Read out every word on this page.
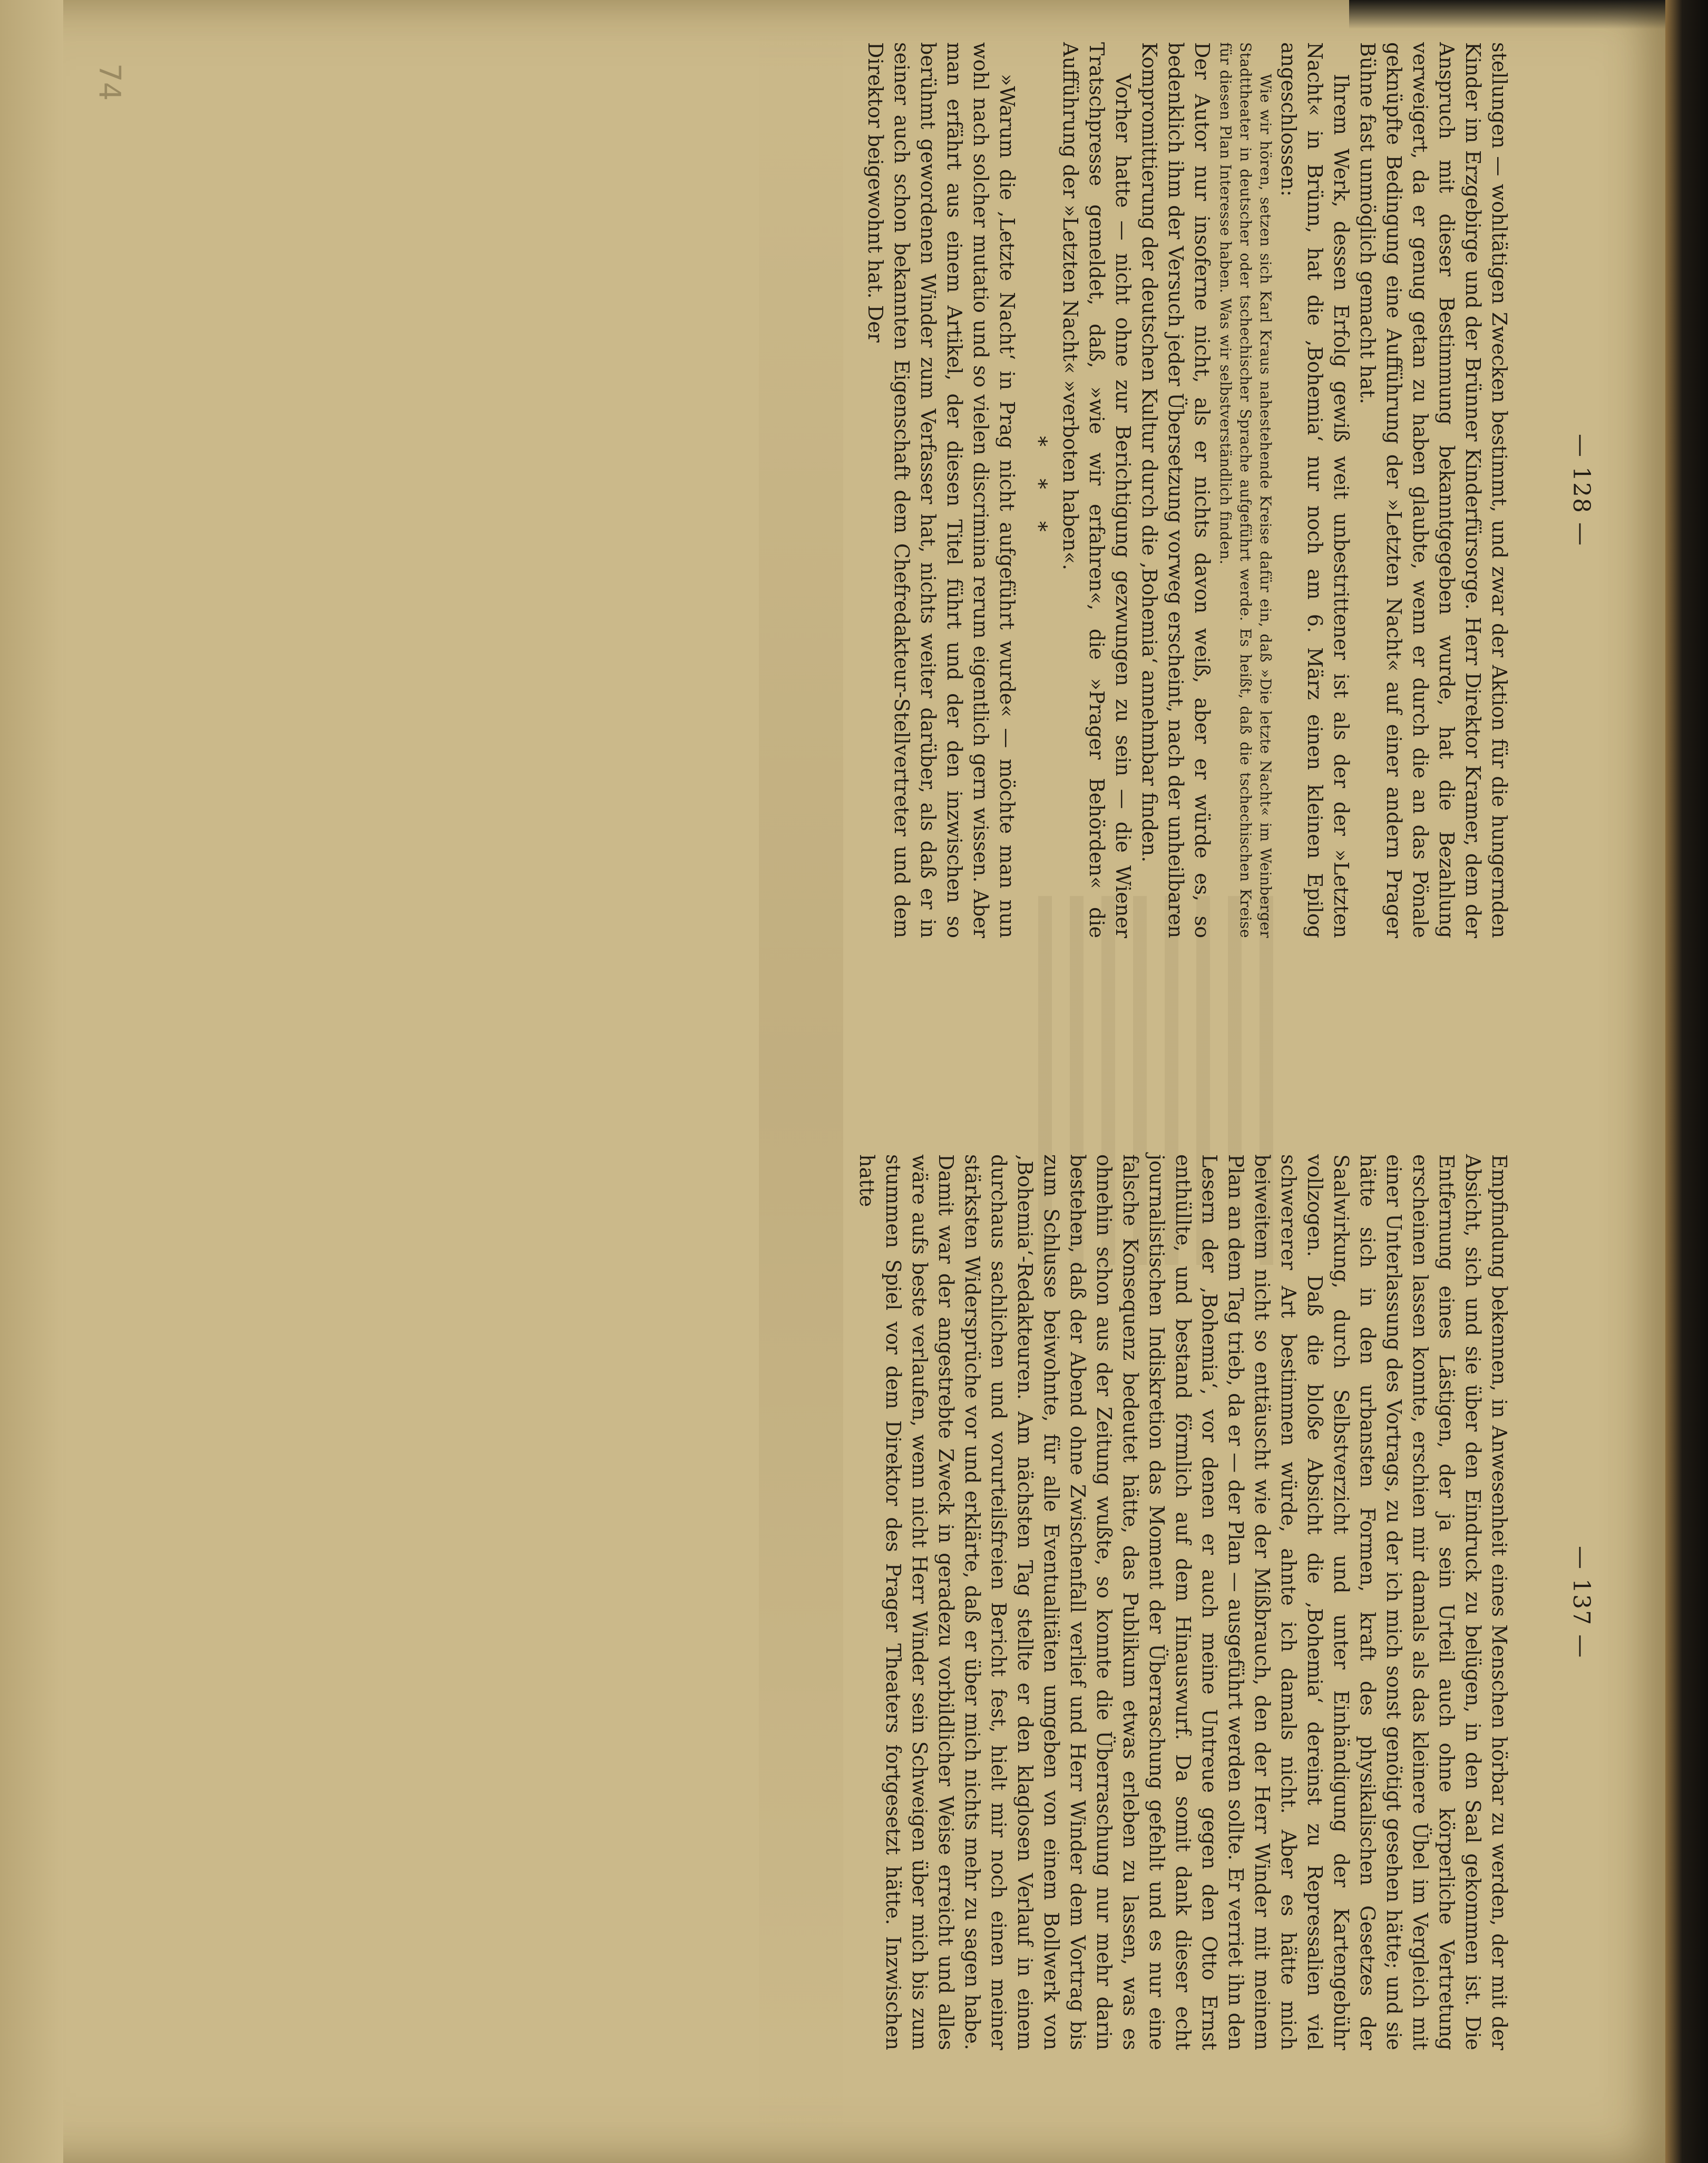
74
— 128 —

stellungen — wohltätigen Zwecken bestimmt, und zwar der Aktion für die hungernden Kinder im Erzgebirge und der Brünner Kinderfürsorge. Herr Direktor Kramer, dem der Anspruch mit dieser Bestimmung bekanntgegeben wurde, hat die Bezahlung verweigert, da er genug getan zu haben glaubte, wenn er durch die an das Pönale geknüpfte Bedingung eine Aufführung der »Letzten Nacht« auf einer andern Prager Bühne fast unmöglich gemacht hat.

Ihrem Werk, dessen Erfolg gewiß weit unbestrittener ist als der der »Letzten Nacht« in Brünn, hat die ‚Bohemia‘ nur noch am 6. März einen kleinen Epilog angeschlossen:

Wie wir hören, setzen sich Karl Kraus nahestehende Kreise dafür ein, daß »Die letzte Nacht« im Weinberger Stadttheater in deutscher oder tschechischer Sprache aufgeführt werde. Es heißt, daß die tschechischen Kreise für diesen Plan Interesse haben. Was wir selbstverständlich finden.

Der Autor nur insoferne nicht, als er nichts davon weiß, aber er würde es, so bedenklich ihm der Versuch jeder Übersetzung vorweg erscheint, nach der unheilbaren Kompromittierung der deutschen Kultur durch die ‚Bohemia‘ annehmbar finden.

Vorher hatte — nicht ohne zur Berichtigung gezwungen zu sein — die Wiener Tratschpresse gemeldet, daß, »wie wir erfahren«, die »Prager Behörden« die Aufführung der »Letzten Nacht« »verboten haben«.

* * *

»Warum die ‚Letzte Nacht‘ in Prag nicht aufgeführt wurde« — möchte man nun wohl nach solcher mutatio und so vielen discrimina rerum eigentlich gern wissen. Aber man erfährt aus einem Artikel, der diesen Titel führt und der den inzwischen so berühmt gewordenen Winder zum Verfasser hat, nichts weiter darüber, als daß er in seiner auch schon bekannten Eigenschaft dem Chefredakteur-Stellvertreter und dem Direktor beigewohnt hat. Der

— 137 —

Empfindung bekennen, in Anwesenheit eines Menschen hörbar zu werden, der mit der Absicht, sich und sie über den Eindruck zu belügen, in den Saal gekommen ist. Die Entfernung eines Lästigen, der ja sein Urteil auch ohne körperliche Vertretung erscheinen lassen konnte, erschien mir damals als das kleinere Übel im Vergleich mit einer Unterlassung des Vortrags, zu der ich mich sonst genötigt gesehen hätte; und sie hätte sich in den urbansten Formen, kraft des physikalischen Gesetzes der Saalwirkung, durch Selbstverzicht und unter Einhändigung der Kartengebühr vollzogen. Daß die bloße Absicht die ‚Bohemia‘ dereinst zu Repressalien viel schwererer Art bestimmen würde, ahnte ich damals nicht. Aber es hätte mich beiweitem nicht so enttäuscht wie der Mißbrauch, den der Herr Winder mit meinem Plan an dem Tag trieb, da er — der Plan — ausgeführt werden sollte. Er verriet ihn den Lesern der ‚Bohemia‘, vor denen er auch meine Untreue gegen den Otto Ernst enthüllte, und bestand förmlich auf dem Hinauswurf. Da somit dank dieser echt journalistischen Indiskretion das Moment der Überraschung gefehlt und es nur eine falsche Konsequenz bedeutet hätte, das Publikum etwas erleben zu lassen, was es ohnehin schon aus der Zeitung wußte, so konnte die Überraschung nur mehr darin bestehen, daß der Abend ohne Zwischenfall verlief und Herr Winder dem Vortrag bis zum Schlusse beiwohnte, für alle Eventualitäten umgeben von einem Bollwerk von ‚Bohemia‘-Redakteuren. Am nächsten Tag stellte er den klaglosen Verlauf in einem durchaus sachlichen und vorurteilsfreien Bericht fest, hielt mir noch einen meiner stärksten Widersprüche vor und erklärte, daß er über mich nichts mehr zu sagen habe. Damit war der angestrebte Zweck in geradezu vorbildlicher Weise erreicht und alles wäre aufs beste verlaufen, wenn nicht Herr Winder sein Schweigen über mich bis zum stummen Spiel vor dem Direktor des Prager Theaters fortgesetzt hätte. Inzwischen hatte
